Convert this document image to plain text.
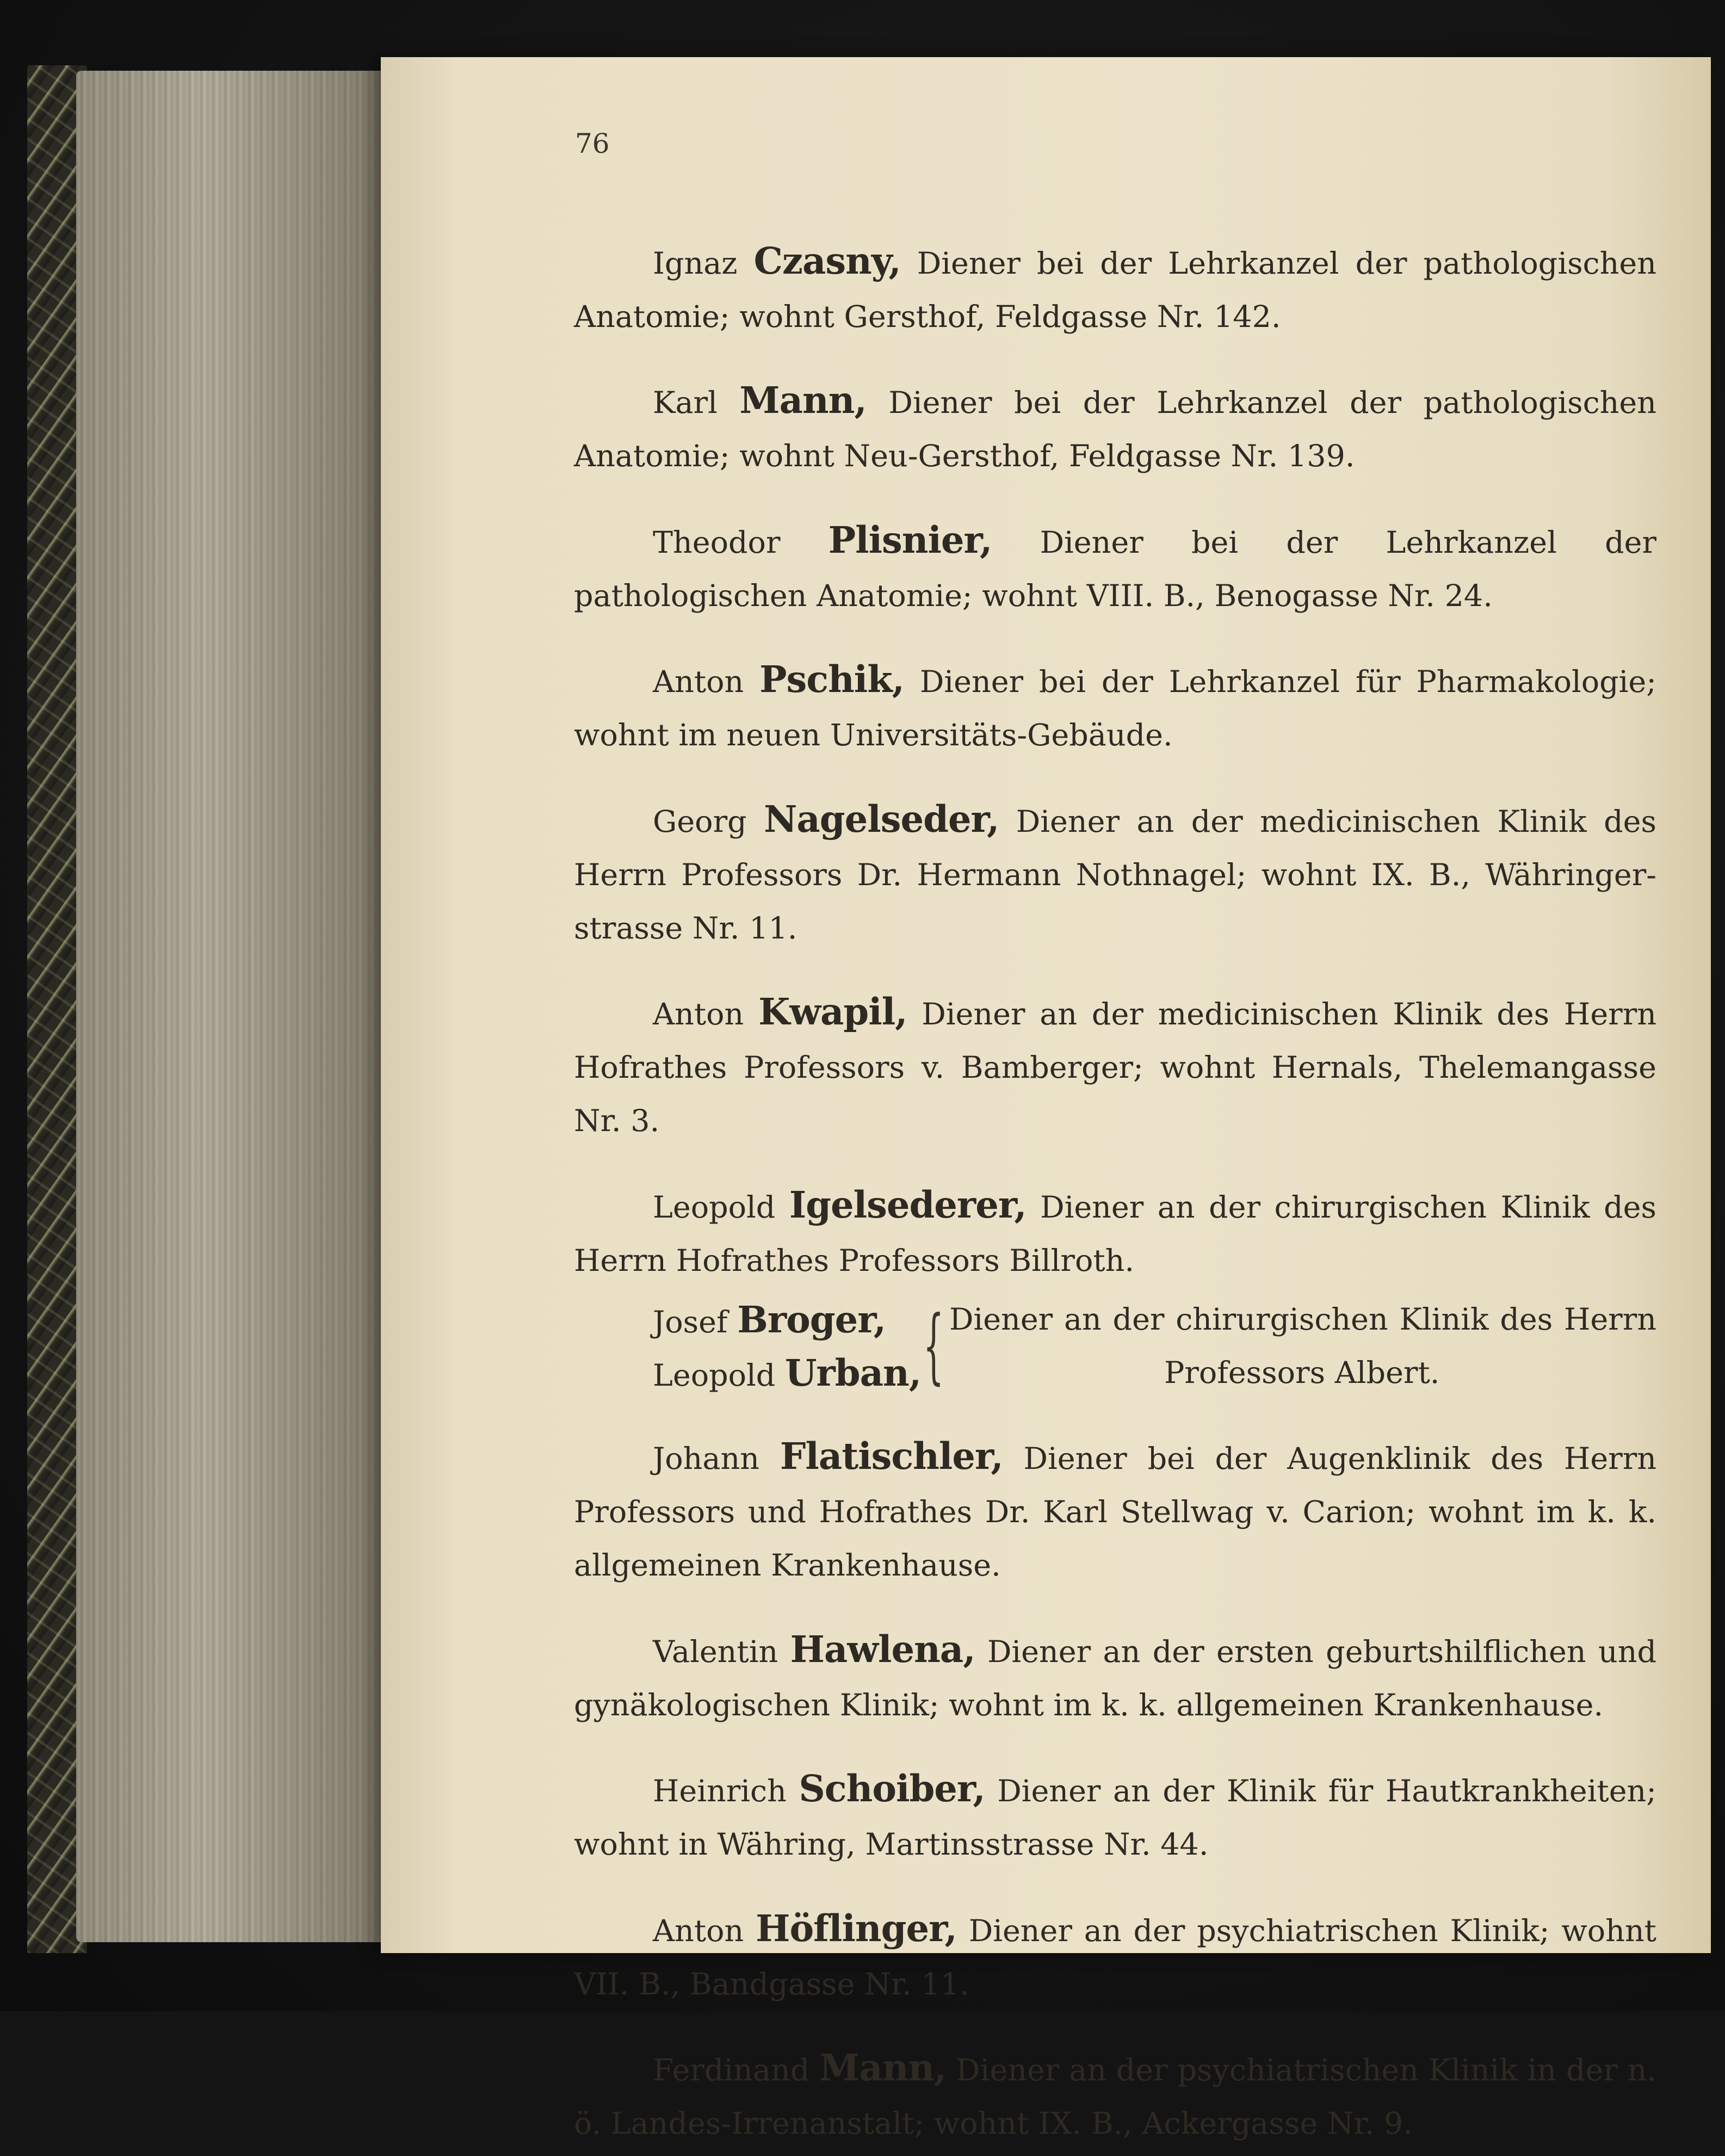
76

Ignaz Czasny, Diener bei der Lehrkanzel der pathologischen Anatomie; wohnt Gersthof, Feldgasse Nr. 142.

Karl Mann, Diener bei der Lehrkanzel der pathologischen Anatomie; wohnt Neu-Gersthof, Feldgasse Nr. 139.

Theodor Plisnier, Diener bei der Lehrkanzel der pathologischen Anatomie; wohnt VIII. B., Benogasse Nr. 24.

Anton Pschik, Diener bei der Lehrkanzel für Pharmakologie; wohnt im neuen Universitäts-Gebäude.

Georg Nagelseder, Diener an der medicinischen Klinik des Herrn Professors Dr. Hermann Nothnagel; wohnt IX. B., Währinger-strasse Nr. 11.

Anton Kwapil, Diener an der medicinischen Klinik des Herrn Hofrathes Professors v. Bamberger; wohnt Hernals, Thelemangasse Nr. 3.

Leopold Igelsederer, Diener an der chirurgischen Klinik des Herrn Hofrathes Professors Billroth.

Josef Broger,
Leopold Urban, { Diener an der chirurgischen Klinik des Herrn
Professors Albert.

Johann Flatischler, Diener bei der Augenklinik des Herrn Professors und Hofrathes Dr. Karl Stellwag v. Carion; wohnt im k. k. allgemeinen Krankenhause.

Valentin Hawlena, Diener an der ersten geburtshilflichen und gynäkologischen Klinik; wohnt im k. k. allgemeinen Krankenhause.

Heinrich Schoiber, Diener an der Klinik für Hautkrankheiten; wohnt in Währing, Martinsstrasse Nr. 44.

Anton Höflinger, Diener an der psychiatrischen Klinik; wohnt VII. B., Bandgasse Nr. 11.

Ferdinand Mann, Diener an der psychiatrischen Klinik in der n. ö. Landes-Irrenanstalt; wohnt IX. B., Ackergasse Nr. 9.
